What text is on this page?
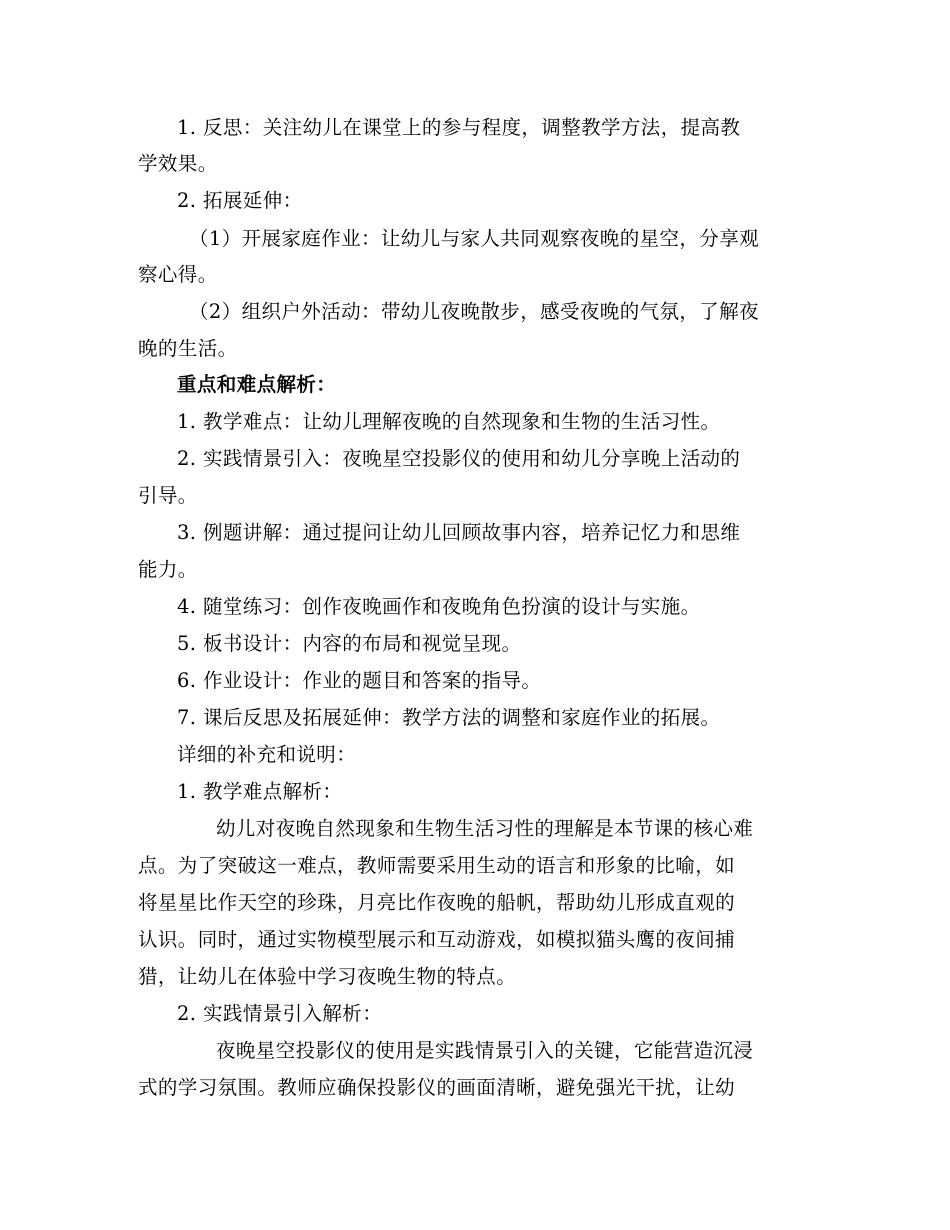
1. 反思：关注幼儿在课堂上的参与程度，调整教学方法，提高教
学效果。
2. 拓展延伸：
（1）开展家庭作业：让幼儿与家人共同观察夜晚的星空，分享观
察心得。
（2）组织户外活动：带幼儿夜晚散步，感受夜晚的气氛，了解夜
晚的生活。
重点和难点解析：
1. 教学难点：让幼儿理解夜晚的自然现象和生物的生活习性。
2. 实践情景引入：夜晚星空投影仪的使用和幼儿分享晚上活动的
引导。
3. 例题讲解：通过提问让幼儿回顾故事内容，培养记忆力和思维
能力。
4. 随堂练习：创作夜晚画作和夜晚角色扮演的设计与实施。
5. 板书设计：内容的布局和视觉呈现。
6. 作业设计：作业的题目和答案的指导。
7. 课后反思及拓展延伸：教学方法的调整和家庭作业的拓展。
详细的补充和说明：
1. 教学难点解析：
幼儿对夜晚自然现象和生物生活习性的理解是本节课的核心难
点。为了突破这一难点，教师需要采用生动的语言和形象的比喻，如
将星星比作天空的珍珠，月亮比作夜晚的船帆，帮助幼儿形成直观的
认识。同时，通过实物模型展示和互动游戏，如模拟猫头鹰的夜间捕
猎，让幼儿在体验中学习夜晚生物的特点。
2. 实践情景引入解析：
夜晚星空投影仪的使用是实践情景引入的关键，它能营造沉浸
式的学习氛围。教师应确保投影仪的画面清晰，避免强光干扰，让幼
